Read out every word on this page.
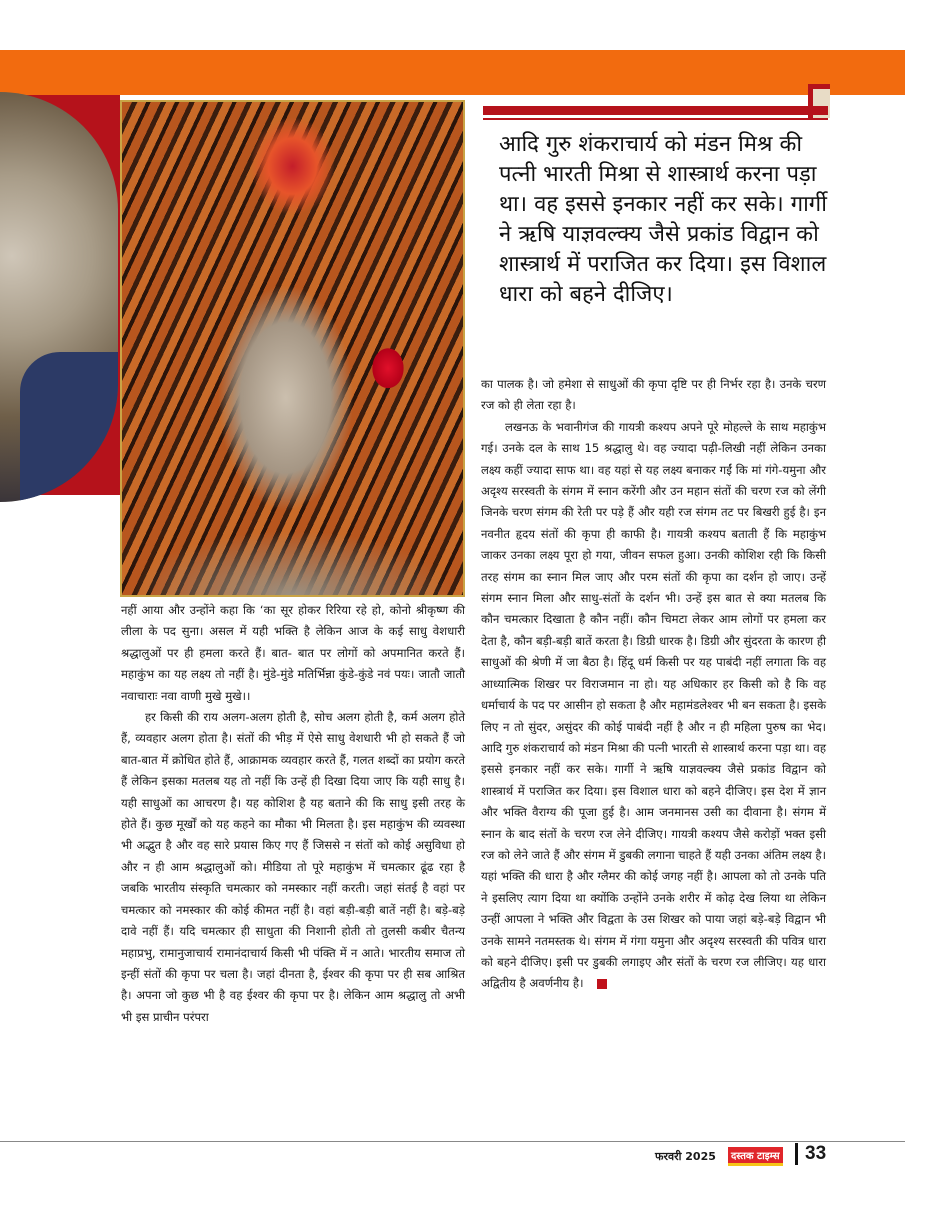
आदि गुरु शंकराचार्य को मंडन मिश्र की पत्नी भारती मिश्रा से शास्त्रार्थ करना पड़ा था। वह इससे इनकार नहीं कर सके। गार्गी ने ऋषि याज्ञवल्क्य जैसे प्रकांड विद्वान को शास्त्रार्थ में पराजित कर दिया। इस विशाल धारा को बहने दीजिए।

नहीं आया और उन्होंने कहा कि ‘का सूर होकर रिरिया रहे हो, कोनो श्रीकृष्ण की लीला के पद सुना। असल में यही भक्ति है लेकिन आज के कई साधु वेशधारी श्रद्धालुओं पर ही हमला करते हैं। बात- बात पर लोगों को अपमानित करते हैं। महाकुंभ का यह लक्ष्य तो नहीं है। मुंडे-मुंडे मतिर्भिन्ना कुंडे-कुंडे नवं पयः। जातौ जातौ नवाचाराः नवा वाणी मुखे मुखे।।

हर किसी की राय अलग-अलग होती है, सोच अलग होती है, कर्म अलग होते हैं, व्यवहार अलग होता है। संतों की भीड़ में ऐसे साधु वेशधारी भी हो सकते हैं जो बात-बात में क्रोधित होते हैं, आक्रामक व्यवहार करते हैं, गलत शब्दों का प्रयोग करते हैं लेकिन इसका मतलब यह तो नहीं कि उन्हें ही दिखा दिया जाए कि यही साधु है। यही साधुओं का आचरण है। यह कोशिश है यह बताने की कि साधु इसी तरह के होते हैं। कुछ मूर्खों को यह कहने का मौका भी मिलता है। इस महाकुंभ की व्यवस्था भी अद्भुत है और वह सारे प्रयास किए गए हैं जिससे न संतों को कोई असुविधा हो और न ही आम श्रद्धालुओं को। मीडिया तो पूरे महाकुंभ में चमत्कार ढूंढ रहा है जबकि भारतीय संस्कृति चमत्कार को नमस्कार नहीं करती। जहां संतई है वहां पर चमत्कार को नमस्कार की कोई कीमत नहीं है। वहां बड़ी-बड़ी बातें नहीं है। बड़े-बड़े दावे नहीं हैं। यदि चमत्कार ही साधुता की निशानी होती तो तुलसी कबीर चैतन्य महाप्रभु, रामानुजाचार्य रामानंदाचार्य किसी भी पंक्ति में न आते। भारतीय समाज तो इन्हीं संतों की कृपा पर चला है। जहां दीनता है, ईश्वर की कृपा पर ही सब आश्रित है। अपना जो कुछ भी है वह ईश्वर की कृपा पर है। लेकिन आम श्रद्धालु तो अभी भी इस प्राचीन परंपरा

का पालक है। जो हमेशा से साधुओं की कृपा दृष्टि पर ही निर्भर रहा है। उनके चरण रज को ही लेता रहा है।

लखनऊ के भवानीगंज की गायत्री कश्यप अपने पूरे मोहल्ले के साथ महाकुंभ गई। उनके दल के साथ 15 श्रद्धालु थे। वह ज्यादा पढ़ी-लिखी नहीं लेकिन उनका लक्ष्य कहीं ज्यादा साफ था। वह यहां से यह लक्ष्य बनाकर गईं कि मां गंगे-यमुना और अदृश्य सरस्वती के संगम में स्नान करेंगी और उन महान संतों की चरण रज को लेंगी जिनके चरण संगम की रेती पर पड़े हैं और यही रज संगम तट पर बिखरी हुई है। इन नवनीत हृदय संतों की कृपा ही काफी है। गायत्री कश्यप बताती हैं कि महाकुंभ जाकर उनका लक्ष्य पूरा हो गया, जीवन सफल हुआ। उनकी कोशिश रही कि किसी तरह संगम का स्नान मिल जाए और परम संतों की कृपा का दर्शन हो जाए। उन्हें संगम स्नान मिला और साधु-संतों के दर्शन भी। उन्हें इस बात से क्या मतलब कि कौन चमत्कार दिखाता है कौन नहीं। कौन चिमटा लेकर आम लोगों पर हमला कर देता है, कौन बड़ी-बड़ी बातें करता है। डिग्री धारक है। डिग्री और सुंदरता के कारण ही साधुओं की श्रेणी में जा बैठा है। हिंदू धर्म किसी पर यह पाबंदी नहीं लगाता कि वह आध्यात्मिक शिखर पर विराजमान ना हो। यह अधिकार हर किसी को है कि वह धर्माचार्य के पद पर आसीन हो सकता है और महामंडलेश्वर भी बन सकता है। इसके लिए न तो सुंदर, असुंदर की कोई पाबंदी नहीं है और न ही महिला पुरुष का भेद। आदि गुरु शंकराचार्य को मंडन मिश्रा की पत्नी भारती से शास्त्रार्थ करना पड़ा था। वह इससे इनकार नहीं कर सके। गार्गी ने ऋषि याज्ञवल्क्य जैसे प्रकांड विद्वान को शास्त्रार्थ में पराजित कर दिया। इस विशाल धारा को बहने दीजिए। इस देश में ज्ञान और भक्ति वैराग्य की पूजा हुई है। आम जनमानस उसी का दीवाना है। संगम में स्नान के बाद संतों के चरण रज लेने दीजिए। गायत्री कश्यप जैसे करोड़ों भक्त इसी रज को लेने जाते हैं और संगम में डुबकी लगाना चाहते हैं यही उनका अंतिम लक्ष्य है। यहां भक्ति की धारा है और ग्लैमर की कोई जगह नहीं है। आपला को तो उनके पति ने इसलिए त्याग दिया था क्योंकि उन्होंने उनके शरीर में कोढ़ देख लिया था लेकिन उन्हीं आपला ने भक्ति और विद्वता के उस शिखर को पाया जहां बड़े-बड़े विद्वान भी उनके सामने नतमस्तक थे। संगम में गंगा यमुना और अदृश्य सरस्वती की पवित्र धारा को बहने दीजिए। इसी पर डुबकी लगाइए और संतों के चरण रज लीजिए। यह धारा अद्वितीय है अवर्णनीय है।

फरवरी 2025	दस्तक टाइम्स 33
